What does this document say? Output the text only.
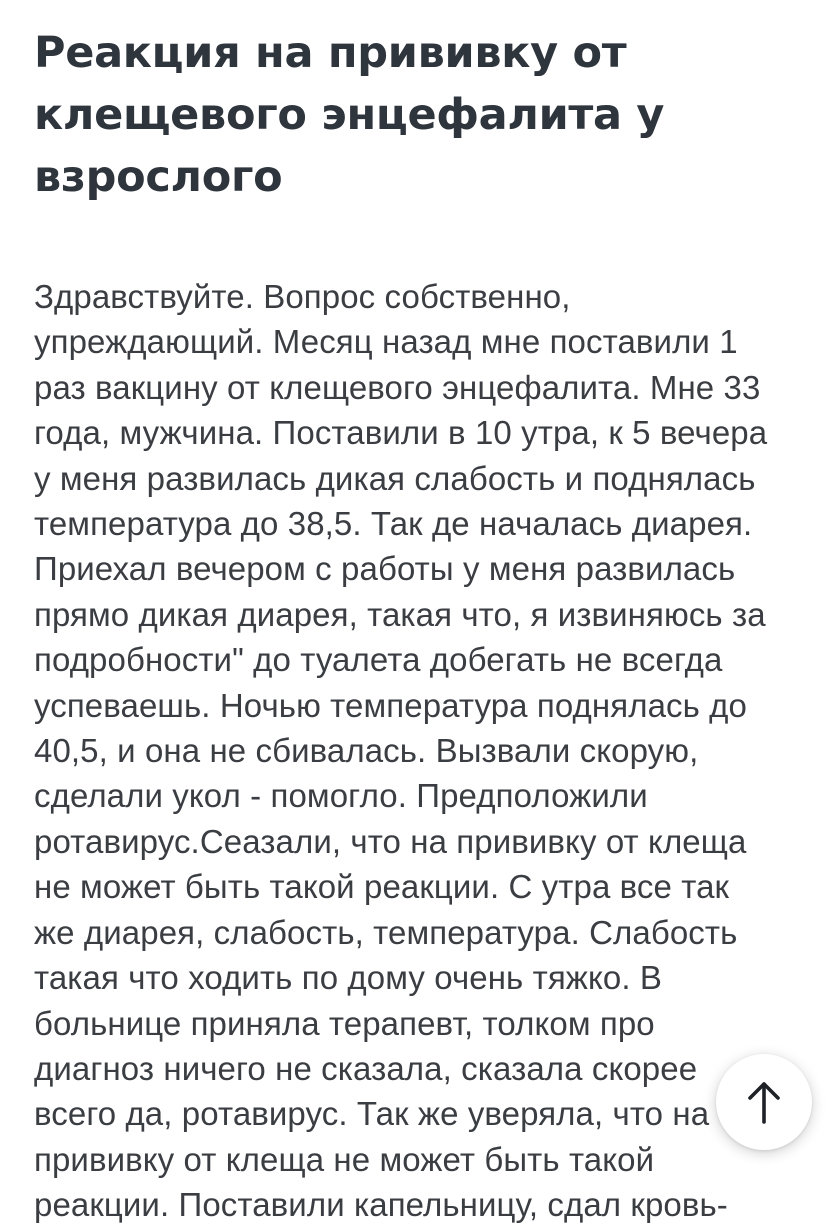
Реакция на прививку от
клещевого энцефалита у
взрослого

Здравствуйте. Вопрос собственно,
упреждающий. Месяц назад мне поставили 1
раз вакцину от клещевого энцефалита. Мне 33
года, мужчина. Поставили в 10 утра, к 5 вечера
у меня развилась дикая слабость и поднялась
температура до 38,5. Так де началась диарея.
Приехал вечером с работы у меня развилась
прямо дикая диарея, такая что, я извиняюсь за
подробности" до туалета добегать не всегда
успеваешь. Ночью температура поднялась до
40,5, и она не сбивалась. Вызвали скорую,
сделали укол - помогло. Предположили
ротавирус.Сеазали, что на прививку от клеща
не может быть такой реакции. С утра все так
же диарея, слабость, температура. Слабость
такая что ходить по дому очень тяжко. В
больнице приняла терапевт, толком про
диагноз ничего не сказала, сказала скорее
всего да, ротавирус. Так же уверяла, что на
прививку от клеща не может быть такой
реакции. Поставили капельницу, сдал кровь-
